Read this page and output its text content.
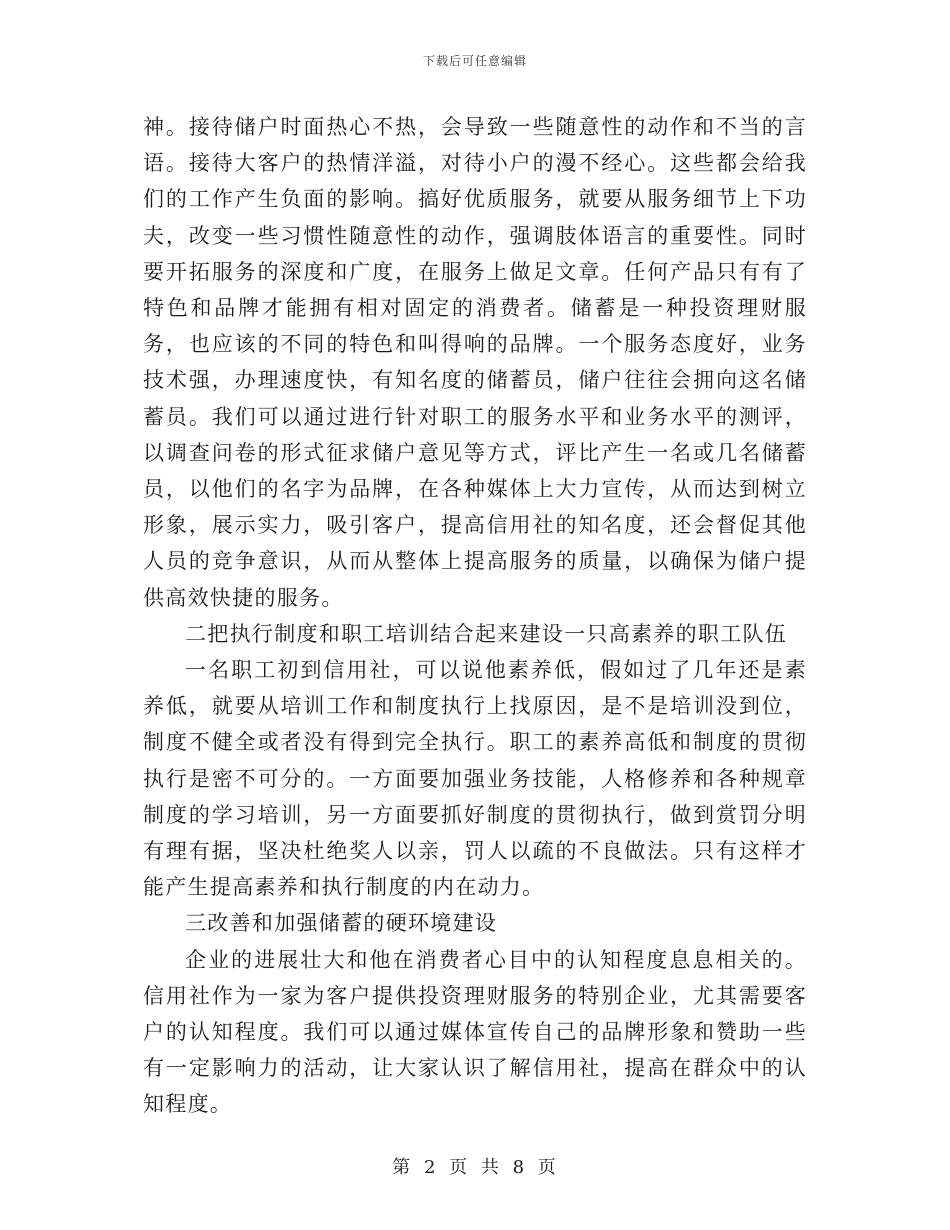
下载后可任意编辑

神。接待储户时面热心不热，会导致一些随意性的动作和不当的言语。接待大客户的热情洋溢，对待小户的漫不经心。这些都会给我们的工作产生负面的影响。搞好优质服务，就要从服务细节上下功夫，改变一些习惯性随意性的动作，强调肢体语言的重要性。同时要开拓服务的深度和广度，在服务上做足文章。任何产品只有有了特色和品牌才能拥有相对固定的消费者。储蓄是一种投资理财服务，也应该的不同的特色和叫得响的品牌。一个服务态度好，业务技术强，办理速度快，有知名度的储蓄员，储户往往会拥向这名储蓄员。我们可以通过进行针对职工的服务水平和业务水平的测评，以调查问卷的形式征求储户意见等方式，评比产生一名或几名储蓄员，以他们的名字为品牌，在各种媒体上大力宣传，从而达到树立形象，展示实力，吸引客户，提高信用社的知名度，还会督促其他人员的竞争意识，从而从整体上提高服务的质量，以确保为储户提供高效快捷的服务。

二把执行制度和职工培训结合起来建设一只高素养的职工队伍

一名职工初到信用社，可以说他素养低，假如过了几年还是素养低，就要从培训工作和制度执行上找原因，是不是培训没到位，制度不健全或者没有得到完全执行。职工的素养高低和制度的贯彻执行是密不可分的。一方面要加强业务技能，人格修养和各种规章制度的学习培训，另一方面要抓好制度的贯彻执行，做到赏罚分明有理有据，坚决杜绝奖人以亲，罚人以疏的不良做法。只有这样才能产生提高素养和执行制度的内在动力。

三改善和加强储蓄的硬环境建设

企业的进展壮大和他在消费者心目中的认知程度息息相关的。信用社作为一家为客户提供投资理财服务的特别企业，尤其需要客户的认知程度。我们可以通过媒体宣传自己的品牌形象和赞助一些有一定影响力的活动，让大家认识了解信用社，提高在群众中的认知程度。

第 2 页 共 8 页
